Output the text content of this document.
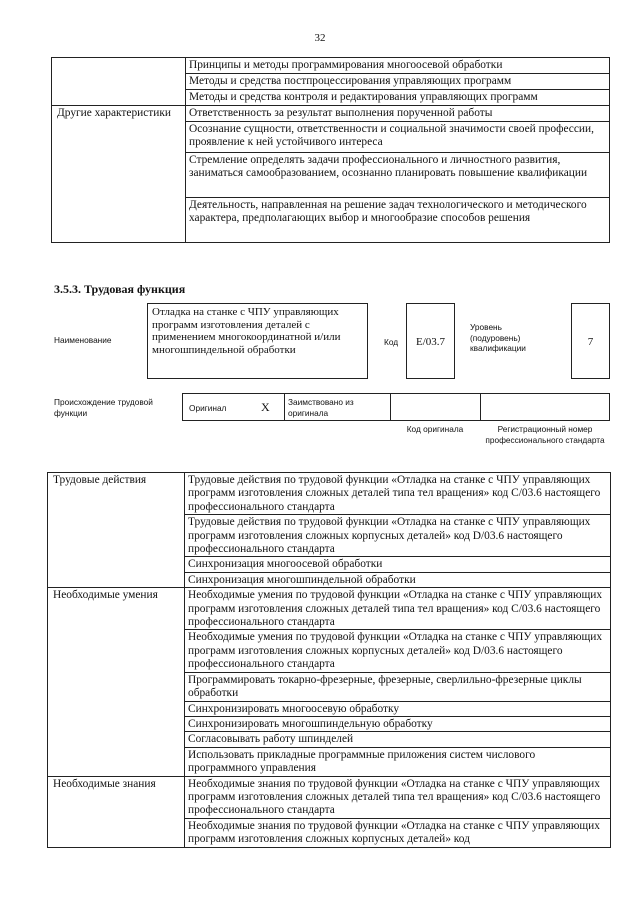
32
	Принципы и методы программирования многоосевой обработки
	Методы и средства постпроцессирования управляющих программ
	Методы и средства контроля и редактирования управляющих программ
Другие характеристики	Ответственность за результат выполнения порученной работы
	Осознание сущности, ответственности и социальной значимости своей профессии, проявление к ней устойчивого интереса
	Стремление определять задачи профессионального и личностного развития, заниматься самообразованием, осознанно планировать повышение квалификации
	Деятельность, направленная на решение задач технологического и методического характера, предполагающих выбор и многообразие способов решения
3.5.3. Трудовая функция
Наименование
Отладка на станке с ЧПУ управляющих программ изготовления деталей с применением многокоординатной и/или многошпиндельной обработки
Код	E/03.7
Уровень (подуровень) квалификации	7
Происхождение трудовой функции	Оригинал	X Заимствовано из оригинала
Код оригинала	Регистрационный номер профессионального стандарта
Трудовые действия	Трудовые действия по трудовой функции «Отладка на станке с ЧПУ управляющих программ изготовления сложных деталей типа тел вращения» код С/03.6 настоящего профессионального стандарта
	Трудовые действия по трудовой функции «Отладка на станке с ЧПУ управляющих программ изготовления сложных корпусных деталей» код D/03.6 настоящего профессионального стандарта
	Синхронизация многоосевой обработки
	Синхронизация многошпиндельной обработки
Необходимые умения	Необходимые умения по трудовой функции «Отладка на станке с ЧПУ управляющих программ изготовления сложных деталей типа тел вращения» код С/03.6 настоящего профессионального стандарта
	Необходимые умения по трудовой функции «Отладка на станке с ЧПУ управляющих программ изготовления сложных корпусных деталей» код D/03.6 настоящего профессионального стандарта
	Программировать токарно-фрезерные, фрезерные, сверлильно-фрезерные циклы обработки
	Синхронизировать многоосевую обработку
	Синхронизировать многошпиндельную обработку
	Согласовывать работу шпинделей
	Использовать прикладные программные приложения систем числового программного управления
Необходимые знания	Необходимые знания по трудовой функции «Отладка на станке с ЧПУ управляющих программ изготовления сложных деталей типа тел вращения» код С/03.6 настоящего профессионального стандарта
	Необходимые знания по трудовой функции «Отладка на станке с ЧПУ управляющих программ изготовления сложных корпусных деталей» код
